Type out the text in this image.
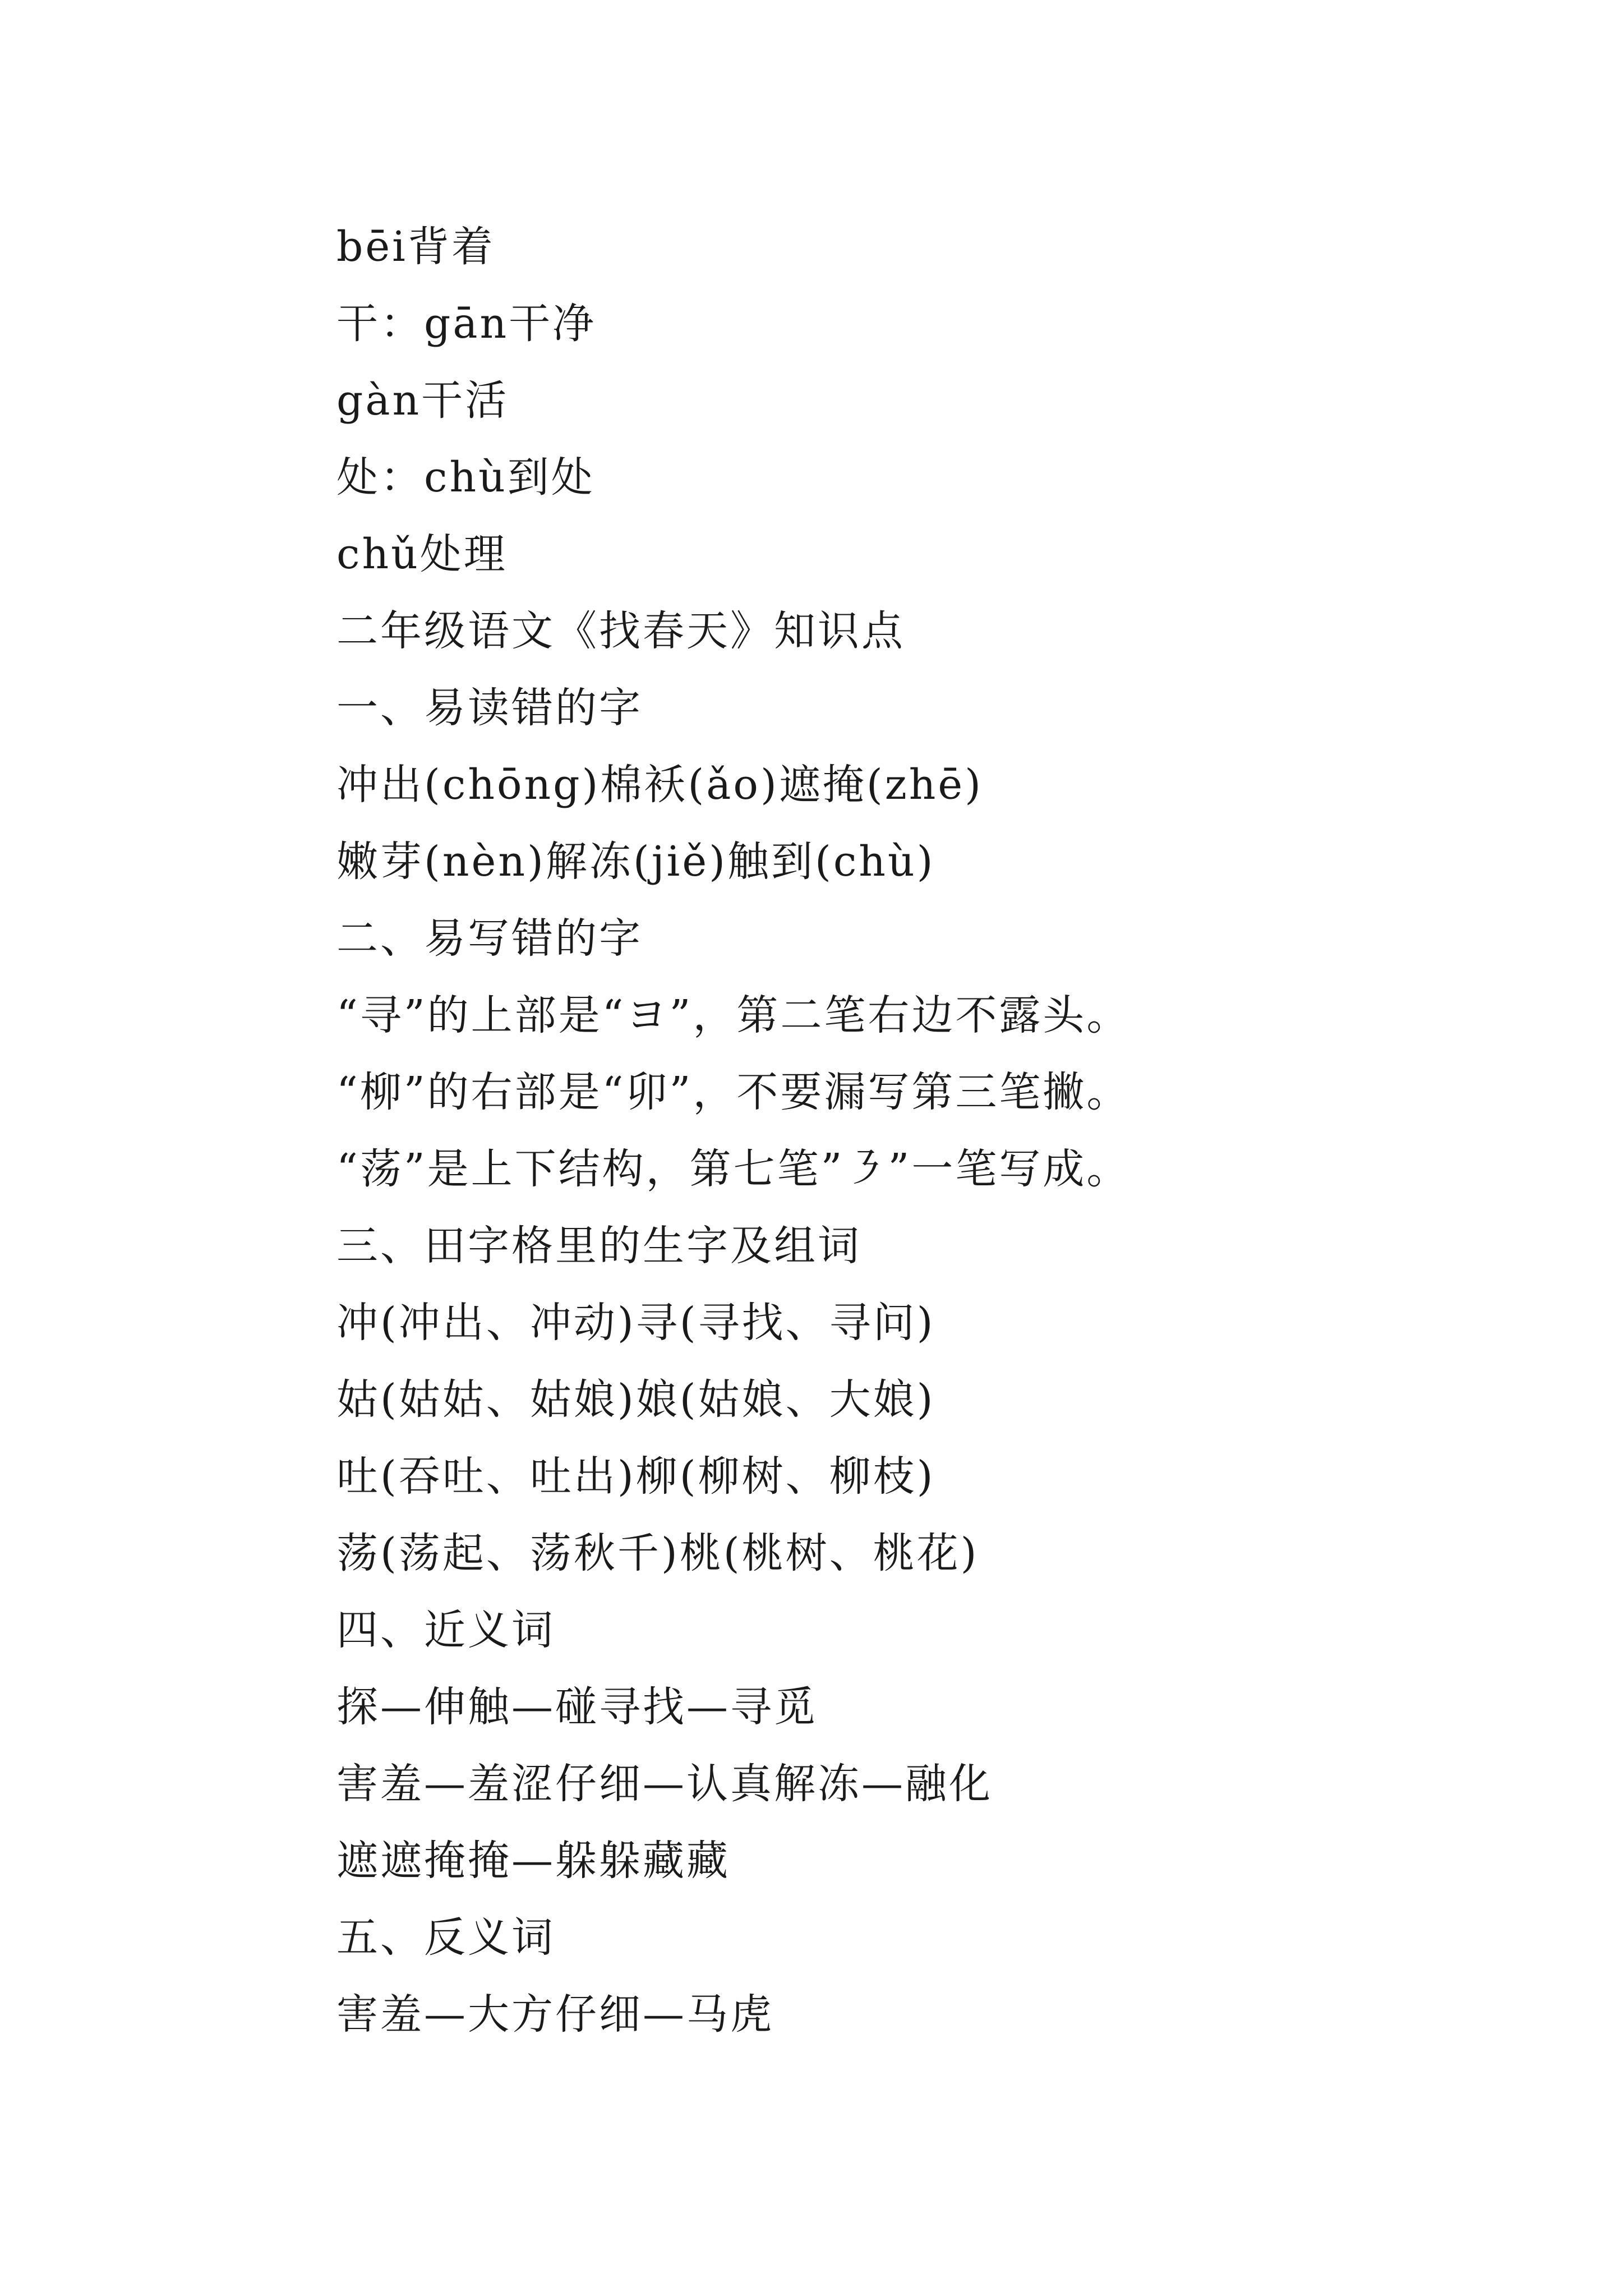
bēi背着
干：gān干净
gàn干活
处：chù到处
chǔ处理
二年级语文《找春天》知识点
一、易读错的字
冲出(chōng)棉袄(ǎo)遮掩(zhē)
嫩芽(nèn)解冻(jiě)触到(chù)
二、易写错的字
“寻”的上部是“ヨ”，第二笔右边不露头。
“柳”的右部是“卯”，不要漏写第三笔撇。
“荡”是上下结构，第七笔”㇋”一笔写成。
三、田字格里的生字及组词
冲(冲出、冲动)寻(寻找、寻问)
姑(姑姑、姑娘)娘(姑娘、大娘)
吐(吞吐、吐出)柳(柳树、柳枝)
荡(荡起、荡秋千)桃(桃树、桃花)
四、近义词
探—伸触—碰寻找—寻觅
害羞—羞涩仔细—认真解冻—融化
遮遮掩掩—躲躲藏藏
五、反义词
害羞—大方仔细—马虎
